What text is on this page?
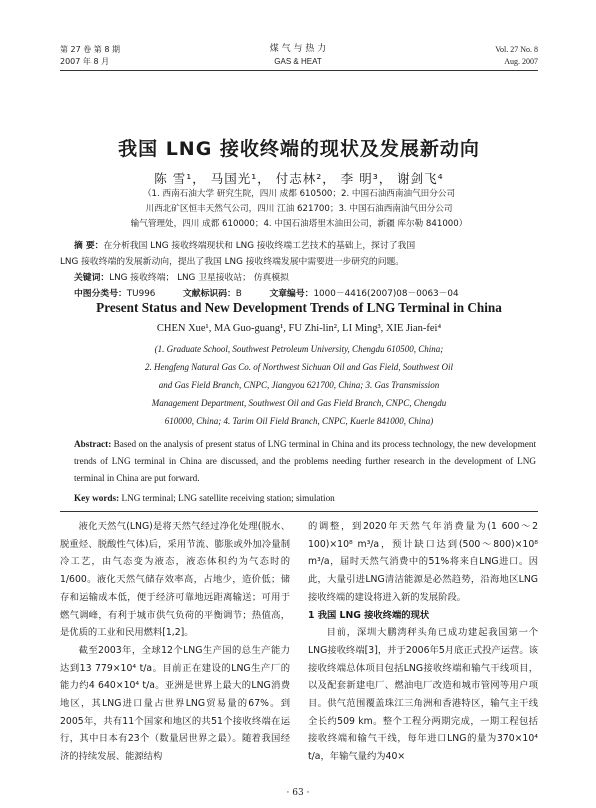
第 27 卷 第 8 期
2007 年 8 月
煤 气 与 热 力
GAS & HEAT
Vol. 27 No. 8
Aug. 2007
我国 LNG 接收终端的现状及发展新动向
陈 雪¹， 马国光¹， 付志林²， 李 明³， 谢剑飞⁴
（1. 西南石油大学 研究生院，四川 成都 610500；2. 中国石油西南油气田分公司
川西北矿区恒丰天然气公司，四川 江油 621700；3. 中国石油西南油气田分公司
输气管理处，四川 成都 610000；4. 中国石油塔里木油田公司，新疆 库尔勒 841000）
摘 要：在分析我国 LNG 接收终端现状和 LNG 接收终端工艺技术的基础上，探讨了我国
LNG 接收终端的发展新动向，提出了我国 LNG 接收终端发展中需要进一步研究的问题。
关键词：LNG 接收终端； LNG 卫星接收站； 仿真模拟
中图分类号：TU996	文献标识码：B	文章编号：1000－4416(2007)08－0063－04
Present Status and New Development Trends of LNG Terminal in China
CHEN Xue¹, MA Guo-guang¹, FU Zhi-lin², LI Ming³, XIE Jian-fei⁴
(1. Graduate School, Southwest Petroleum University, Chengdu 610500, China;
2. Hengfeng Natural Gas Co. of Northwest Sichuan Oil and Gas Field, Southwest Oil
and Gas Field Branch, CNPC, Jiangyou 621700, China; 3. Gas Transmission
Management Department, Southwest Oil and Gas Field Branch, CNPC, Chengdu
610000, China; 4. Tarim Oil Field Branch, CNPC, Kuerle 841000, China)
Abstract: Based on the analysis of present status of LNG terminal in China and its process technology, the new development trends of LNG terminal in China are discussed, and the problems needing further research in the development of LNG terminal in China are put forward.
Key words: LNG terminal; LNG satellite receiving station; simulation

液化天然气(LNG)是将天然气经过净化处理(脱水、脱重烃、脱酸性气体)后，采用节流、膨胀或外加冷量制冷工艺，由气态变为液态，液态体积约为气态时的1/600。液化天然气储存效率高，占地少，造价低；储存和运输成本低，便于经济可靠地远距离输送；可用于燃气调峰，有利于城市供气负荷的平衡调节；热值高，是优质的工业和民用燃料[1,2]。

截至2003年，全球12个LNG生产国的总生产能力达到13 779×10⁴ t/a。目前正在建设的LNG生产厂的能力约4 640×10⁴ t/a。亚洲是世界上最大的LNG消费地区，其LNG进口量占世界LNG贸易量的67%。到2005年，共有11个国家和地区的共51个接收终端在运行，其中日本有23个（数量居世界之最）。随着我国经济的持续发展、能源结构

的调整，到2020年天然气年消费量为(1 600～2 100)×10⁸ m³/a，预计缺口达到(500～800)×10⁸ m³/a，届时天然气消费中的51%将来自LNG进口。因此，大量引进LNG清洁能源是必然趋势，沿海地区LNG接收终端的建设将进入新的发展阶段。

1 我国 LNG 接收终端的现状

目前，深圳大鹏湾秤头角已成功建起我国第一个LNG接收终端[3]，并于2006年5月底正式投产运营。该接收终端总体项目包括LNG接收终端和输气干线项目，以及配套新建电厂、燃油电厂改造和城市管网等用户项目。供气范围覆盖珠江三角洲和香港特区，输气主干线全长约509 km。整个工程分两期完成，一期工程包括接收终端和输气干线，每年进口LNG的量为370×10⁴ t/a，年输气量约为40×

· 63 ·
